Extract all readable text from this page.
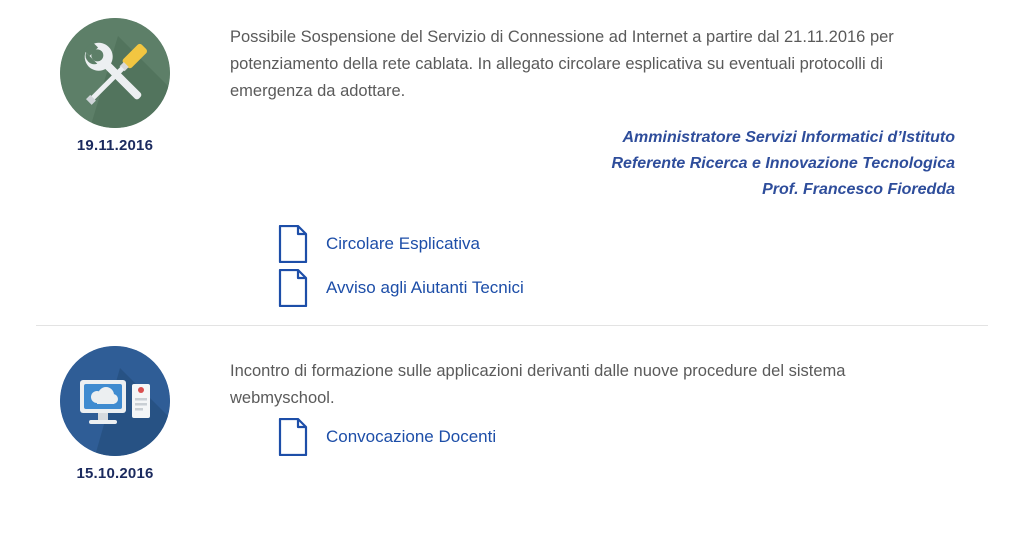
19.11.2016

Possibile Sospensione del Servizio di Connessione ad Internet a partire dal 21.11.2016 per potenziamento della rete cablata. In allegato circolare esplicativa su eventuali protocolli di emergenza da adottare.

Amministratore Servizi Informatici d’Istituto
Referente Ricerca e Innovazione Tecnologica
Prof. Francesco Fioredda
Circolare Esplicativa
Avviso agli Aiutanti Tecnici
15.10.2016

Incontro di formazione sulle applicazioni derivanti dalle nuove procedure del sistema webmyschool.

Convocazione Docenti
